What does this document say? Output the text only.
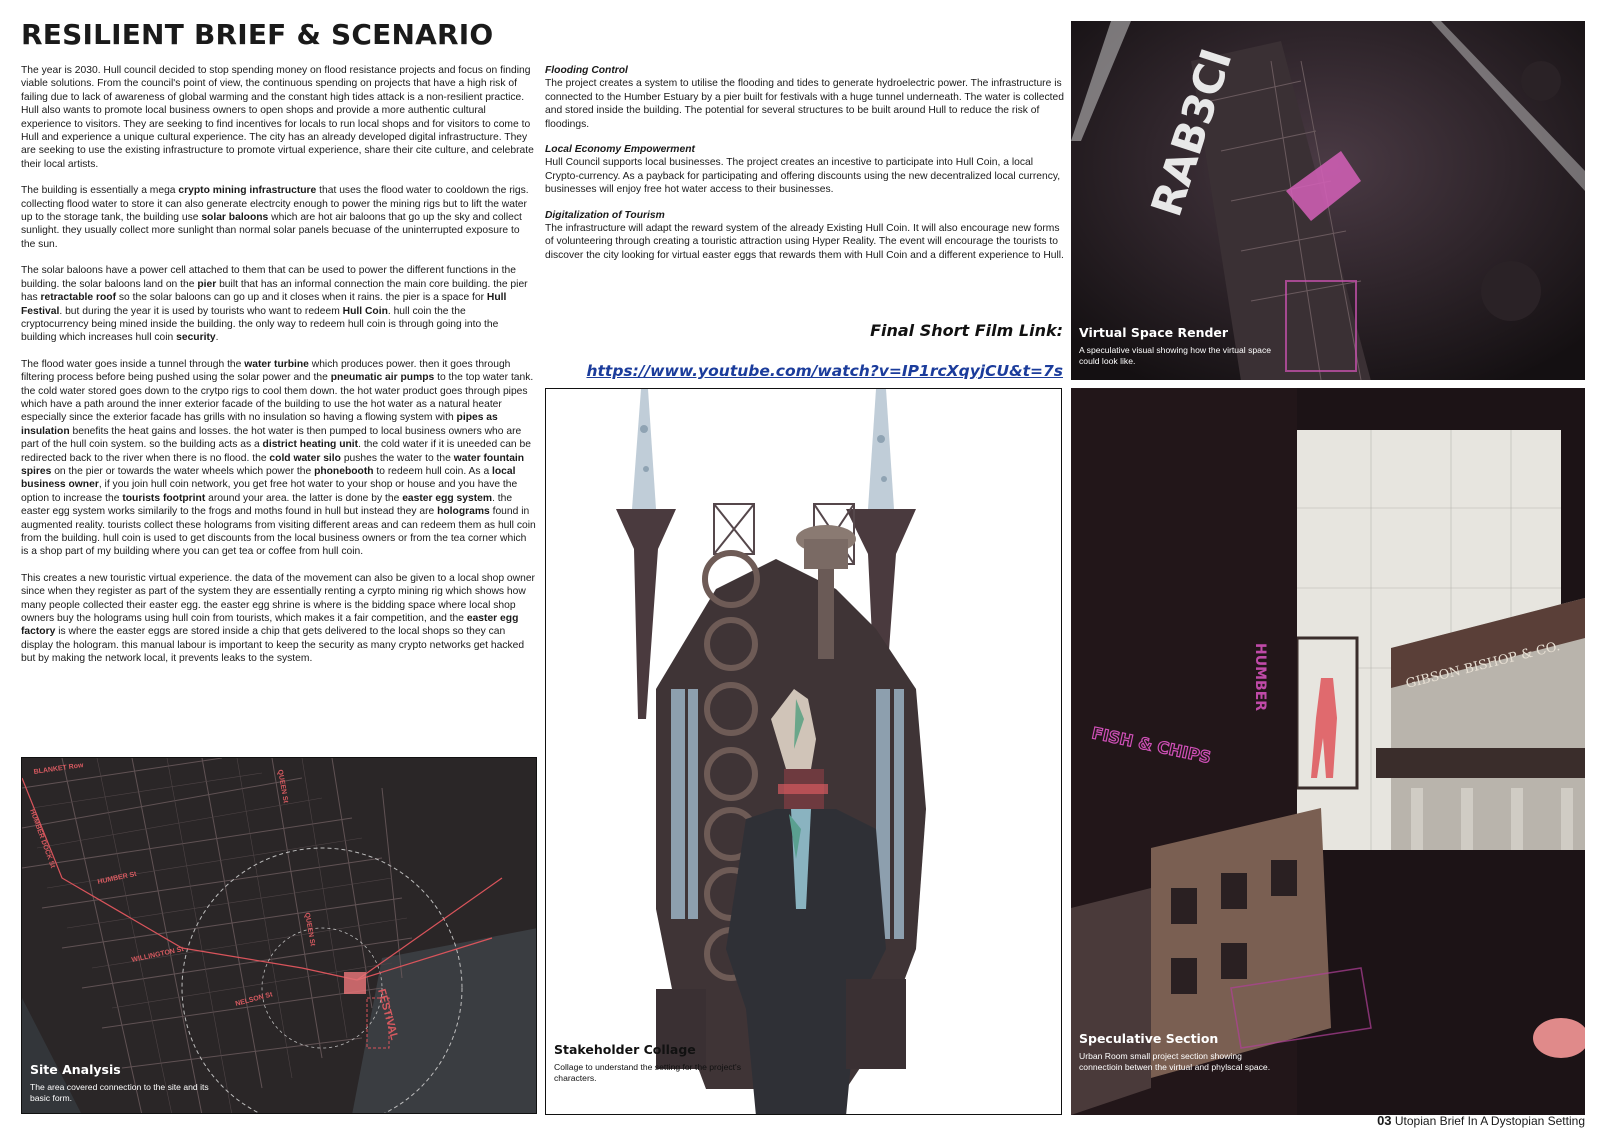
RESILIENT BRIEF & SCENARIO

The year is 2030. Hull council decided to stop spending money on flood resistance projects and focus on finding viable solutions. From the council's point of view, the continuous spending on projects that have a high risk of failing due to lack of awareness of global warming and the constant high tides attack is a non-resilient practice. Hull also wants to promote local business owners to open shops and provide a more authentic cultural experience to visitors. They are seeking to find incentives for locals to run local shops and for visitors to come to Hull and experience a unique cultural experience. The city has an already developed digital infrastructure. They are seeking to use the existing infrastructure to promote virtual experience, share their cite culture, and celebrate their local artists.

The building is essentially a mega crypto mining infrastructure that uses the flood water to cooldown the rigs. collecting flood water to store it can also generate electrcity enough to power the mining rigs but to lift the water up to the storage tank, the building use solar baloons which are hot air baloons that go up the sky and collect sunlight. they usually collect more sunlight than normal solar panels becuase of the uninterrupted exposure to the sun.

The solar baloons have a power cell attached to them that can be used to power the different functions in the building. the solar baloons land on the pier built that has an informal connection the main core building. the pier has retractable roof so the solar baloons can go up and it closes when it rains. the pier is a space for Hull Festival. but during the year it is used by tourists who want to redeem Hull Coin. hull coin the the cryptocurrency being mined inside the building. the only way to redeem hull coin is through going into the building which increases hull coin security.

The flood water goes inside a tunnel through the water turbine which produces power. then it goes through filtering process before being pushed using the solar power and the pneumatic air pumps to the top water tank. the cold water stored goes down to the crytpo rigs to cool them down. the hot water product goes through pipes which have a path around the inner exterior facade of the building to use the hot water as a natural heater especially since the exterior facade has grills with no insulation so having a flowing system with pipes as insulation benefits the heat gains and losses. the hot water is then pumped to local business owners who are part of the hull coin system. so the building acts as a district heating unit. the cold water if it is uneeded can be redirected back to the river when there is no flood. the cold water silo pushes the water to the water fountain spires on the pier or towards the water wheels which power the phonebooth to redeem hull coin. As a local business owner, if you join hull coin network, you get free hot water to your shop or house and you have the option to increase the tourists footprint around your area. the latter is done by the easter egg system. the easter egg system works similarily to the frogs and moths found in hull but instead they are holograms found in augmented reality. tourists collect these holograms from visiting different areas and can redeem them as hull coin from the building. hull coin is used to get discounts from the local business owners or from the tea corner which is a shop part of my building where you can get tea or coffee from hull coin.

This creates a new touristic virtual experience. the data of the movement can also be given to a local shop owner since when they register as part of the system they are essentially renting a cyrpto mining rig which shows how many people collected their easter egg. the easter egg shrine is where is the bidding space where local shop owners buy the holograms using hull coin from tourists, which makes it a fair competition, and the easter egg factory is where the easter eggs are stored inside a chip that gets delivered to the local shops so they can display the hologram. this manual labour is important to keep the security as many crypto networks get hacked but by making the network local, it prevents leaks to the system.

Flooding Control
The project creates a system to utilise the flooding and tides to generate hydroelectric power. The infrastructure is connected to the Humber Estuary by a pier built for festivals with a huge tunnel underneath. The water is collected and stored inside the building. The potential for several structures to be built around Hull to reduce the risk of floodings.
Local Economy Empowerment
Hull Council supports local businesses. The project creates an incestive to participate into Hull Coin, a local Crypto-currency. As a payback for participating and offering discounts using the new decentralized local currency, businesses will enjoy free hot water access to their businesses.
Digitalization of Tourism
The infrastructure will adapt the reward system of the already Existing Hull Coin. It will also encourage new forms of volunteering through creating a touristic attraction using Hyper Reality. The event will encourage the tourists to discover the city looking for virtual easter eggs that rewards them with Hull Coin and a different experience to Hull.
Final Short Film Link:
https://www.youtube.com/watch?v=IP1rcXqyjCU&t=7s
BLANKET Row
HUMBER DOCK St
HUMBER St
WILLINGTON St
NELSON St
QUEEN St
QUEEN St
FESTIVAL
Site Analysis
The area covered connection to the site and its basic form.
Stakeholder Collage
Collage to understand the setting for the project's characters.
RAB3CI
Virtual Space Render
A speculative visual showing how the virtual space could look like.
GIBSON BISHOP & CO.
HUMBER
FISH & CHIPS
Speculative Section
Urban Room small project section showing connectioin betwen the virtual and phylscal space.
03 Utopian Brief In A Dystopian Setting
